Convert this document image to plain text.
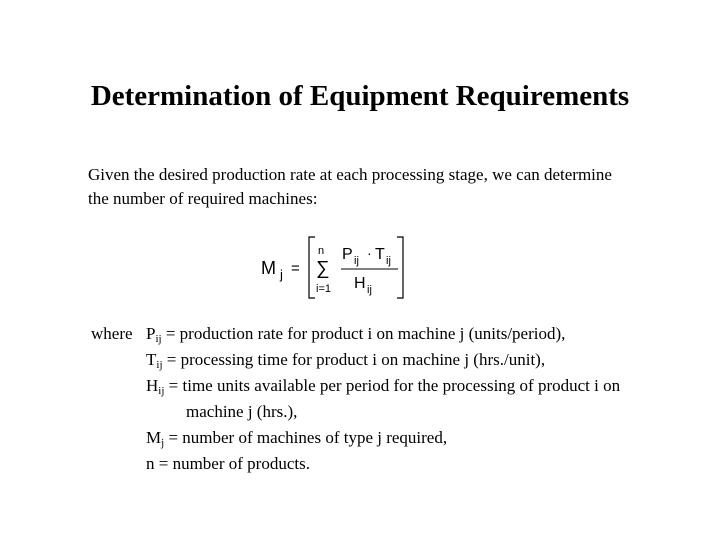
Determination of Equipment Requirements
Given the desired production rate at each processing stage, we can determine
the number of required machines:
M j =
n
∑
i=1
P ij · T ij
H ij
where $P_{ij}$ = production rate for product i on machine j (units/period),
$T_{ij}$ = processing time for product i on machine j (hrs./unit),
$H_{ij}$ = time units available per period for the processing of product i on
machine j (hrs.),
$M_j$ = number of machines of type j required,
n = number of products.
